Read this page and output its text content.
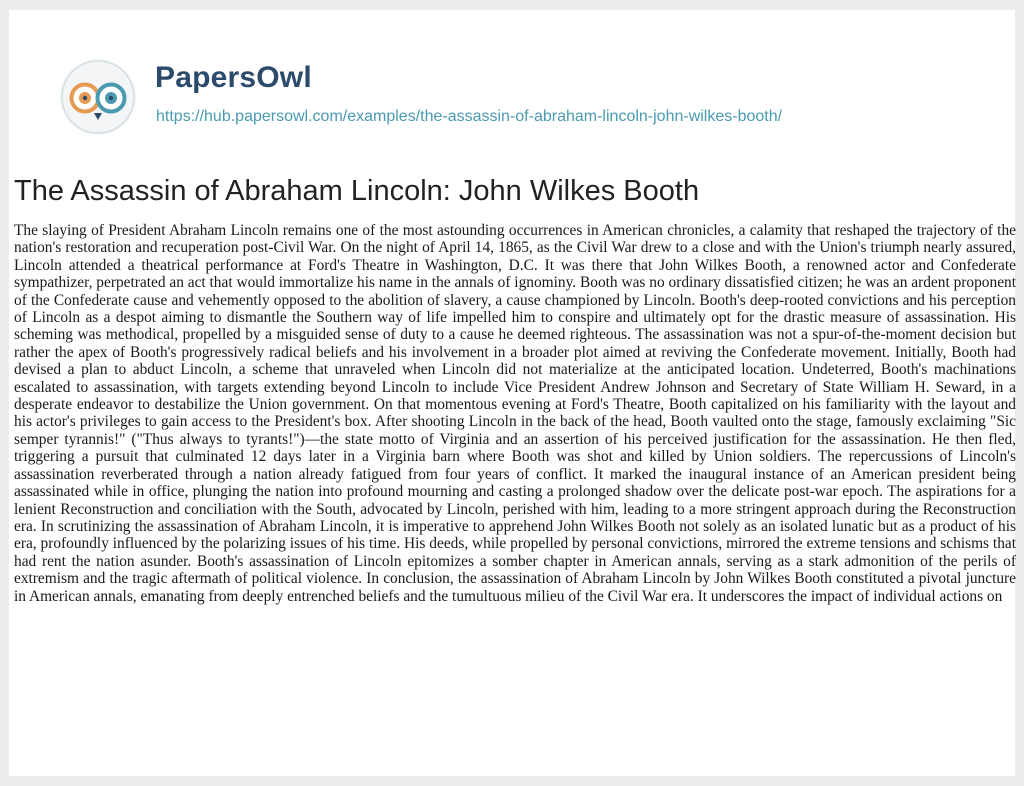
PapersOwl
https://hub.papersowl.com/examples/the-assassin-of-abraham-lincoln-john-wilkes-booth/
The Assassin of Abraham Lincoln: John Wilkes Booth

The slaying of President Abraham Lincoln remains one of the most astounding occurrences in American chronicles, a calamity that reshaped the trajectory of the nation's restoration and recuperation post-Civil War. On the night of April 14, 1865, as the Civil War drew to a close and with the Union's triumph nearly assured, Lincoln attended a theatrical performance at Ford's Theatre in Washington, D.C. It was there that John Wilkes Booth, a renowned actor and Confederate sympathizer, perpetrated an act that would immortalize his name in the annals of ignominy. Booth was no ordinary dissatisfied citizen; he was an ardent proponent of the Confederate cause and vehemently opposed to the abolition of slavery, a cause championed by Lincoln. Booth's deep-rooted convictions and his perception of Lincoln as a despot aiming to dismantle the Southern way of life impelled him to conspire and ultimately opt for the drastic measure of assassination. His scheming was methodical, propelled by a misguided sense of duty to a cause he deemed righteous. The assassination was not a spur-of-the-moment decision but rather the apex of Booth's progressively radical beliefs and his involvement in a broader plot aimed at reviving the Confederate movement. Initially, Booth had devised a plan to abduct Lincoln, a scheme that unraveled when Lincoln did not materialize at the anticipated location. Undeterred, Booth's machinations escalated to assassination, with targets extending beyond Lincoln to include Vice President Andrew Johnson and Secretary of State William H. Seward, in a desperate endeavor to destabilize the Union government. On that momentous evening at Ford's Theatre, Booth capitalized on his familiarity with the layout and his actor's privileges to gain access to the President's box. After shooting Lincoln in the back of the head, Booth vaulted onto the stage, famously exclaiming "Sic semper tyrannis!" ("Thus always to tyrants!")—the state motto of Virginia and an assertion of his perceived justification for the assassination. He then fled, triggering a pursuit that culminated 12 days later in a Virginia barn where Booth was shot and killed by Union soldiers. The repercussions of Lincoln's assassination reverberated through a nation already fatigued from four years of conflict. It marked the inaugural instance of an American president being assassinated while in office, plunging the nation into profound mourning and casting a prolonged shadow over the delicate post-war epoch. The aspirations for a lenient Reconstruction and conciliation with the South, advocated by Lincoln, perished with him, leading to a more stringent approach during the Reconstruction era. In scrutinizing the assassination of Abraham Lincoln, it is imperative to apprehend John Wilkes Booth not solely as an isolated lunatic but as a product of his era, profoundly influenced by the polarizing issues of his time. His deeds, while propelled by personal convictions, mirrored the extreme tensions and schisms that had rent the nation asunder. Booth's assassination of Lincoln epitomizes a somber chapter in American annals, serving as a stark admonition of the perils of extremism and the tragic aftermath of political violence. In conclusion, the assassination of Abraham Lincoln by John Wilkes Booth constituted a pivotal juncture in American annals, emanating from deeply entrenched beliefs and the tumultuous milieu of the Civil War era. It underscores the impact of individual actions on
